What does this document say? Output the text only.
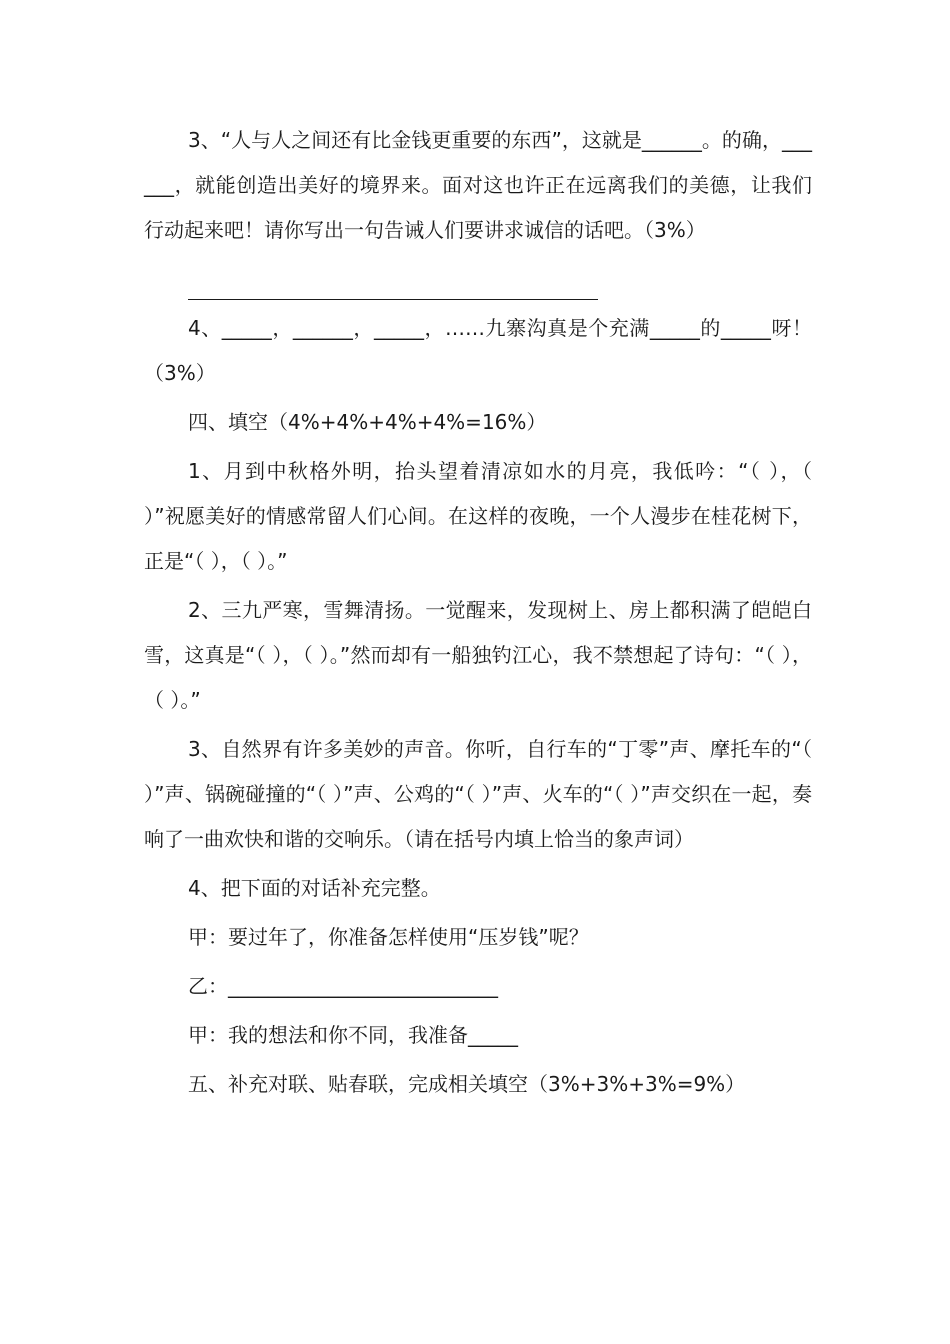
3、“人与人之间还有比金钱更重要的东西”，这就是______。的确，______，就能创造出美好的境界来。面对这也许正在远离我们的美德，让我们行动起来吧！请你写出一句告诫人们要讲求诚信的话吧。（3%）

4、_____，______，_____，……九寨沟真是个充满_____的_____呀！（3%）

四、填空（4%+4%+4%+4%=16%）

1、月到中秋格外明，抬头望着清凉如水的月亮，我低吟：“（ ），（ ）”祝愿美好的情感常留人们心间。在这样的夜晚，一个人漫步在桂花树下，正是“（ ），（ ）。”

2、三九严寒，雪舞清扬。一觉醒来，发现树上、房上都积满了皑皑白雪，这真是“（ ），（ ）。”然而却有一船独钓江心，我不禁想起了诗句：“（ ），（ ）。”

3、自然界有许多美妙的声音。你听，自行车的“丁零”声、摩托车的“（ ）”声、锅碗碰撞的“（ ）”声、公鸡的“（ ）”声、火车的“（ ）”声交织在一起，奏响了一曲欢快和谐的交响乐。（请在括号内填上恰当的象声词）

4、把下面的对话补充完整。

甲：要过年了，你准备怎样使用“压岁钱”呢？

乙：___________________________

甲：我的想法和你不同，我准备_____

五、补充对联、贴春联，完成相关填空（3%+3%+3%=9%）
